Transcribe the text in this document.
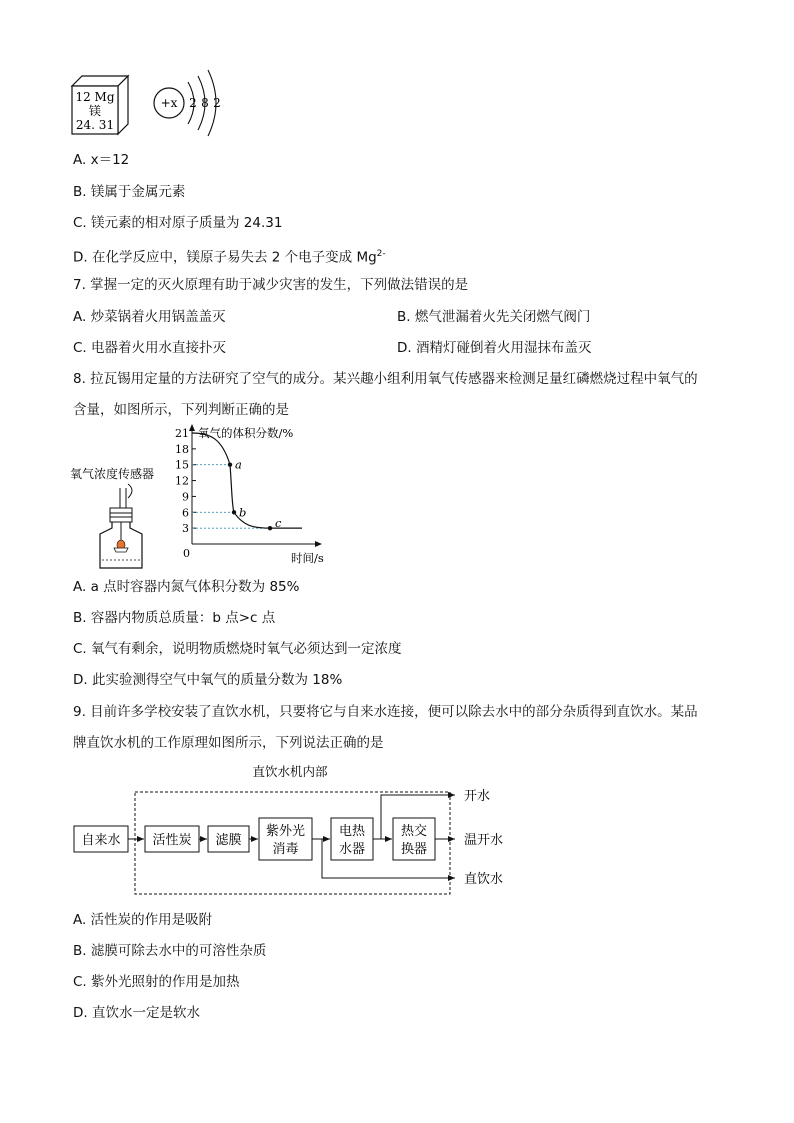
12 Mg
镁
24. 31
+x 2 8 2
A. x＝12
B. 镁属于金属元素
C. 镁元素的相对原子质量为 24.31
D. 在化学反应中，镁原子易失去 2 个电子变成 $Mg^{2-}$
7. 掌握一定的灭火原理有助于减少灾害的发生，下列做法错误的是
A. 炒菜锅着火用锅盖盖灭	B. 燃气泄漏着火先关闭燃气阀门
C. 电器着火用水直接扑灭	D. 酒精灯碰倒着火用湿抹布盖灭
8. 拉瓦锡用定量的方法研究了空气的成分。某兴趣小组利用氧气传感器来检测足量红磷燃烧过程中氧气的
含量，如图所示，下列判断正确的是
氧气浓度传感器
氧气的体积分数/%
时间/s
0
21
18
15
12
9
6
3
a
b
c
A. a 点时容器内氮气体积分数为 85%
B. 容器内物质总质量：b 点>c 点
C. 氧气有剩余，说明物质燃烧时氧气必须达到一定浓度
D. 此实验测得空气中氧气的质量分数为 18%
9. 目前许多学校安装了直饮水机，只要将它与自来水连接，便可以除去水中的部分杂质得到直饮水。某品
牌直饮水机的工作原理如图所示，下列说法正确的是
直饮水机内部
自来水 活性炭 滤膜
紫外光
消毒
电热
水器
热交
换器
开水
温开水
直饮水
A. 活性炭的作用是吸附
B. 滤膜可除去水中的可溶性杂质
C. 紫外光照射的作用是加热
D. 直饮水一定是软水
